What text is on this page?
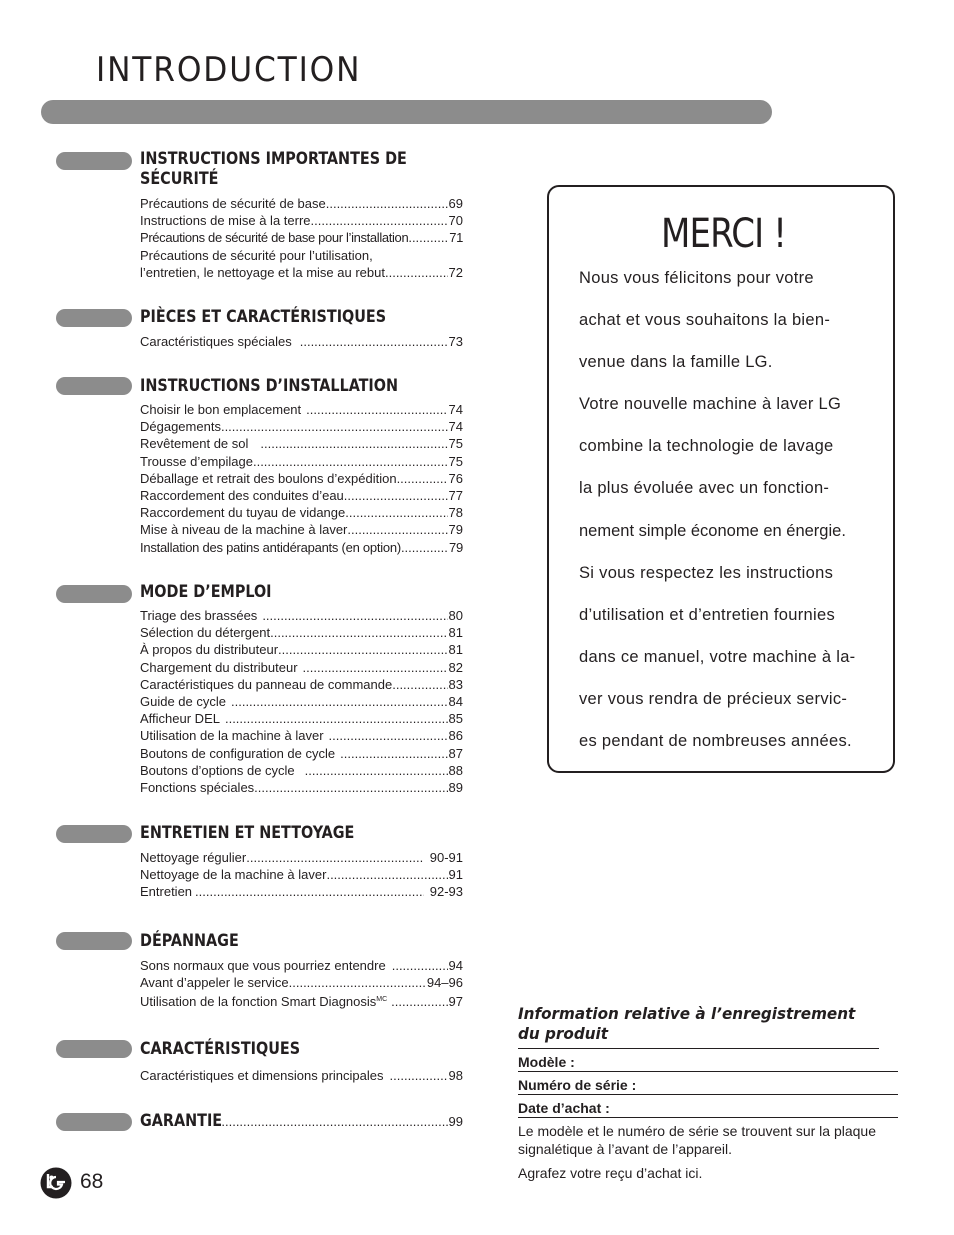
INTRODUCTION
INSTRUCTIONS IMPORTANTES DE
SÉCURITÉ
Précautions de sécurité de base .....	69
Instructions de mise à la terre .....	70
Précautions de sécurité de base pour l’installation .....	71
Précautions de sécurité pour l’utilisation,
l’entretien, le nettoyage et la mise au rebut .....	72
PIÈCES ET CARACTÉRISTIQUES
Caractéristiques spéciales .....	73
INSTRUCTIONS D’INSTALLATION
Choisir le bon emplacement .....	74
Dégagements .....	74
Revêtement de sol .....	75
Trousse d’empilage .....	75
Déballage et retrait des boulons d’expédition .....	76
Raccordement des conduites d’eau .....	77
Raccordement du tuyau de vidange .....	78
Mise à niveau de la machine à laver .....	79
Installation des patins antidérapants (en option) .....	79
MODE D’EMPLOI
Triage des brassées .....	80
Sélection du détergent .....	81
À propos du distributeur .....	81
Chargement du distributeur .....	82
Caractéristiques du panneau de commande .....	83
Guide de cycle .....	84
Afficheur DEL .....	85
Utilisation de la machine à laver .....	86
Boutons de configuration de cycle .....	87
Boutons d’options de cycle .....	88
Fonctions spéciales .....	89
ENTRETIEN ET NETTOYAGE
Nettoyage régulier .....	90-91
Nettoyage de la machine à laver .....	91
Entretien .....	92-93
DÉPANNAGE
Sons normaux que vous pourriez entendre .....	94
Avant d’appeler le service .....	94–96
Utilisation de la fonction Smart Diagnosis$^{MC}$ .....	97
CARACTÉRISTIQUES
Caractéristiques et dimensions principales .....	98
GARANTIE .....	99
MERCI !
Nous vous félicitons pour votre
achat et vous souhaitons la bien-
venue dans la famille LG.
Votre nouvelle machine à laver LG
combine la technologie de lavage
la plus évoluée avec un fonction-
nement simple économe en énergie.
Si vous respectez les instructions
d’utilisation et d’entretien fournies
dans ce manuel, votre machine à la-
ver vous rendra de précieux servic-
es pendant de nombreuses années.
Information relative à l’enregistrement
du produit
Modèle :
Numéro de série :
Date d’achat :
Le modèle et le numéro de série se trouvent sur la plaque signalétique à l’avant de l’appareil.
Agrafez votre reçu d’achat ici.
68
